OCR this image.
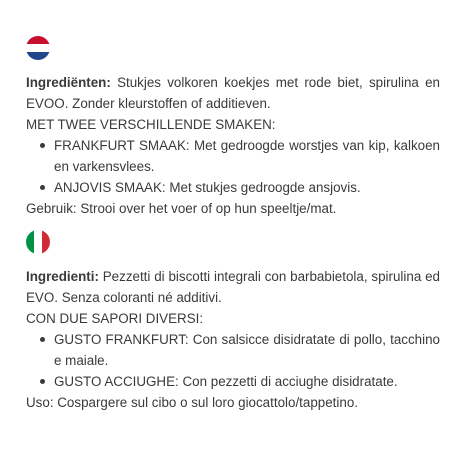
Ingrediënten: Stukjes volkoren koekjes met rode biet, spirulina en EVOO. Zonder kleurstoffen of additieven.

MET TWEE VERSCHILLENDE SMAKEN:

FRANKFURT SMAAK: Met gedroogde worstjes van kip, kalkoen en varkensvlees.
ANJOVIS SMAAK: Met stukjes gedroogde ansjovis.

Gebruik: Strooi over het voer of op hun speeltje/mat.

Ingredienti: Pezzetti di biscotti integrali con barbabietola, spirulina ed EVO. Senza coloranti né additivi.

CON DUE SAPORI DIVERSI:

GUSTO FRANKFURT: Con salsicce disidratate di pollo, tacchino e maiale.
GUSTO ACCIUGHE: Con pezzetti di acciughe disidratate.

Uso: Cospargere sul cibo o sul loro giocattolo/tappetino.
